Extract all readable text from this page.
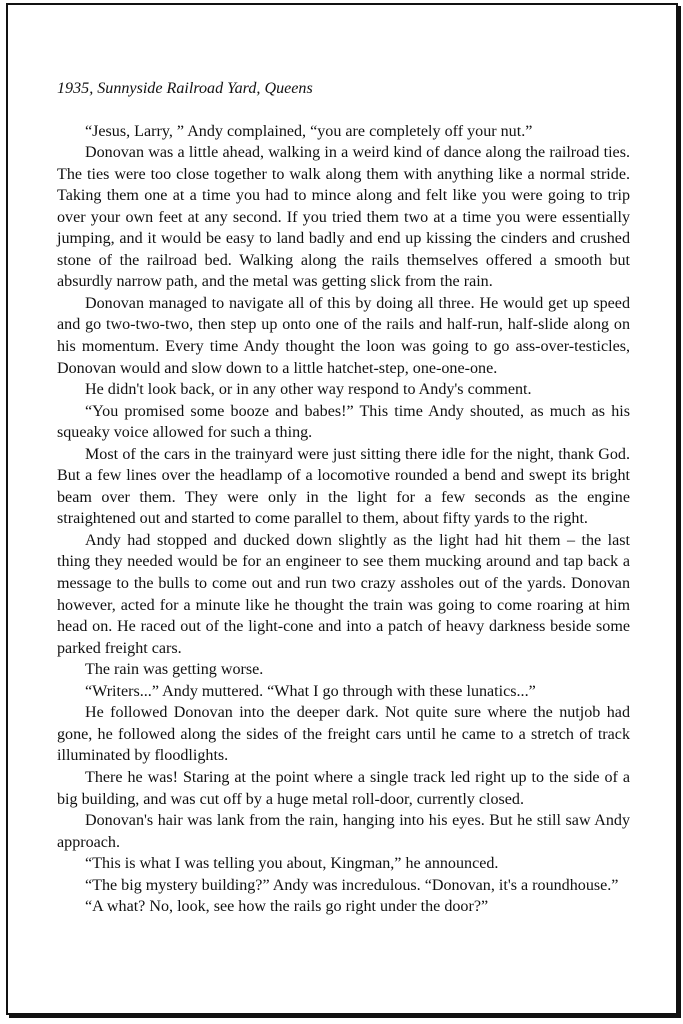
1935, Sunnyside Railroad Yard, Queens

“Jesus, Larry, ” Andy complained, “you are completely off your nut.”

Donovan was a little ahead, walking in a weird kind of dance along the railroad ties. The ties were too close together to walk along them with anything like a normal stride. Taking them one at a time you had to mince along and felt like you were going to trip over your own feet at any second. If you tried them two at a time you were essentially jumping, and it would be easy to land badly and end up kissing the cinders and crushed stone of the railroad bed. Walking along the rails themselves offered a smooth but absurdly narrow path, and the metal was getting slick from the rain.

Donovan managed to navigate all of this by doing all three. He would get up speed and go two-two-two, then step up onto one of the rails and half-run, half-slide along on his momentum. Every time Andy thought the loon was going to go ass-over-testicles, Donovan would and slow down to a little hatchet-step, one-one-one.

He didn't look back, or in any other way respond to Andy's comment.

“You promised some booze and babes!” This time Andy shouted, as much as his squeaky voice allowed for such a thing.

Most of the cars in the trainyard were just sitting there idle for the night, thank God. But a few lines over the headlamp of a locomotive rounded a bend and swept its bright beam over them. They were only in the light for a few seconds as the engine straightened out and started to come parallel to them, about fifty yards to the right.

Andy had stopped and ducked down slightly as the light had hit them – the last thing they needed would be for an engineer to see them mucking around and tap back a message to the bulls to come out and run two crazy assholes out of the yards. Donovan however, acted for a minute like he thought the train was going to come roaring at him head on. He raced out of the light-cone and into a patch of heavy darkness beside some parked freight cars.

The rain was getting worse.

“Writers...” Andy muttered. “What I go through with these lunatics...”

He followed Donovan into the deeper dark. Not quite sure where the nutjob had gone, he followed along the sides of the freight cars until he came to a stretch of track illuminated by floodlights.

There he was! Staring at the point where a single track led right up to the side of a big building, and was cut off by a huge metal roll-door, currently closed.

Donovan's hair was lank from the rain, hanging into his eyes. But he still saw Andy approach.

“This is what I was telling you about, Kingman,” he announced.

“The big mystery building?” Andy was incredulous. “Donovan, it's a roundhouse.”

“A what? No, look, see how the rails go right under the door?”
